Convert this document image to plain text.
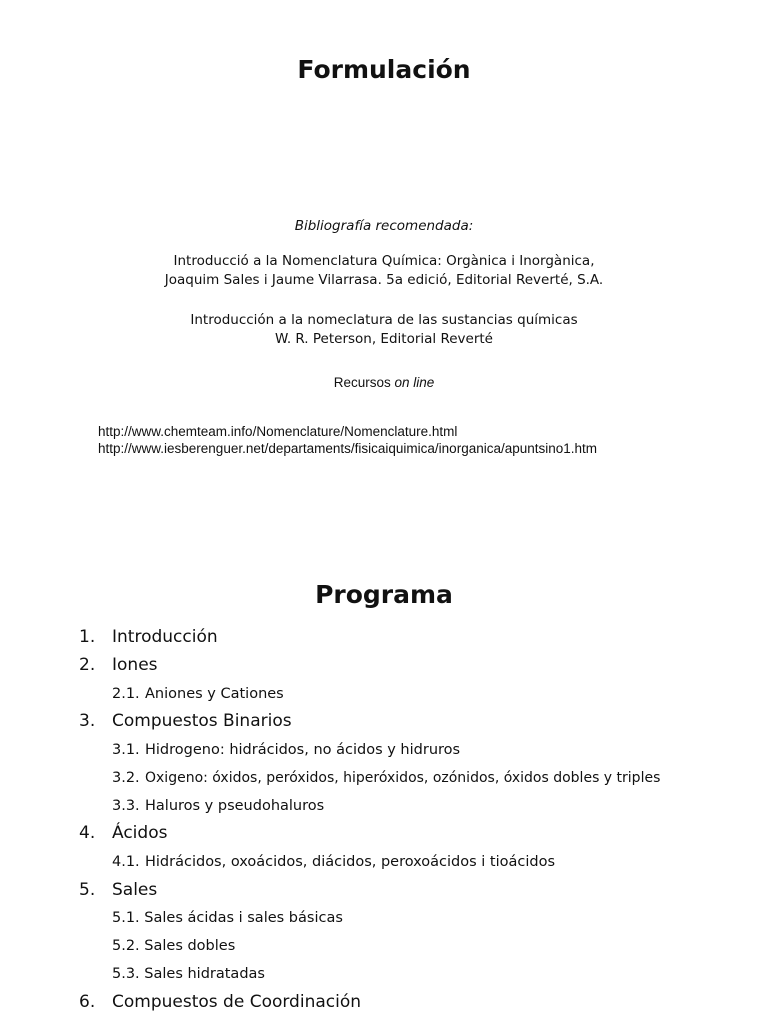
Formulación
Bibliografía recomendada:
Introducció a la Nomenclatura Química: Orgànica i Inorgànica,
Joaquim Sales i Jaume Vilarrasa. 5a edició, Editorial Reverté, S.A.
Introducción a la nomeclatura de las sustancias químicas
W. R. Peterson, Editorial Reverté
Recursos on line
http://www.chemteam.info/Nomenclature/Nomenclature.html
http://www.iesberenguer.net/departaments/fisicaiquimica/inorganica/apuntsino1.htm
Programa
1. Introducción
2. Iones
2.1. Aniones y Cationes
3. Compuestos Binarios
3.1. Hidrogeno: hidrácidos, no ácidos y hidruros
3.2. Oxigeno: óxidos, peróxidos, hiperóxidos, ozónidos, óxidos dobles y triples
3.3. Haluros y pseudohaluros
4. Ácidos
4.1. Hidrácidos, oxoácidos, diácidos, peroxoácidos i tioácidos
5. Sales
5.1. Sales ácidas i sales básicas
5.2. Sales dobles
5.3. Sales hidratadas
6. Compuestos de Coordinación
